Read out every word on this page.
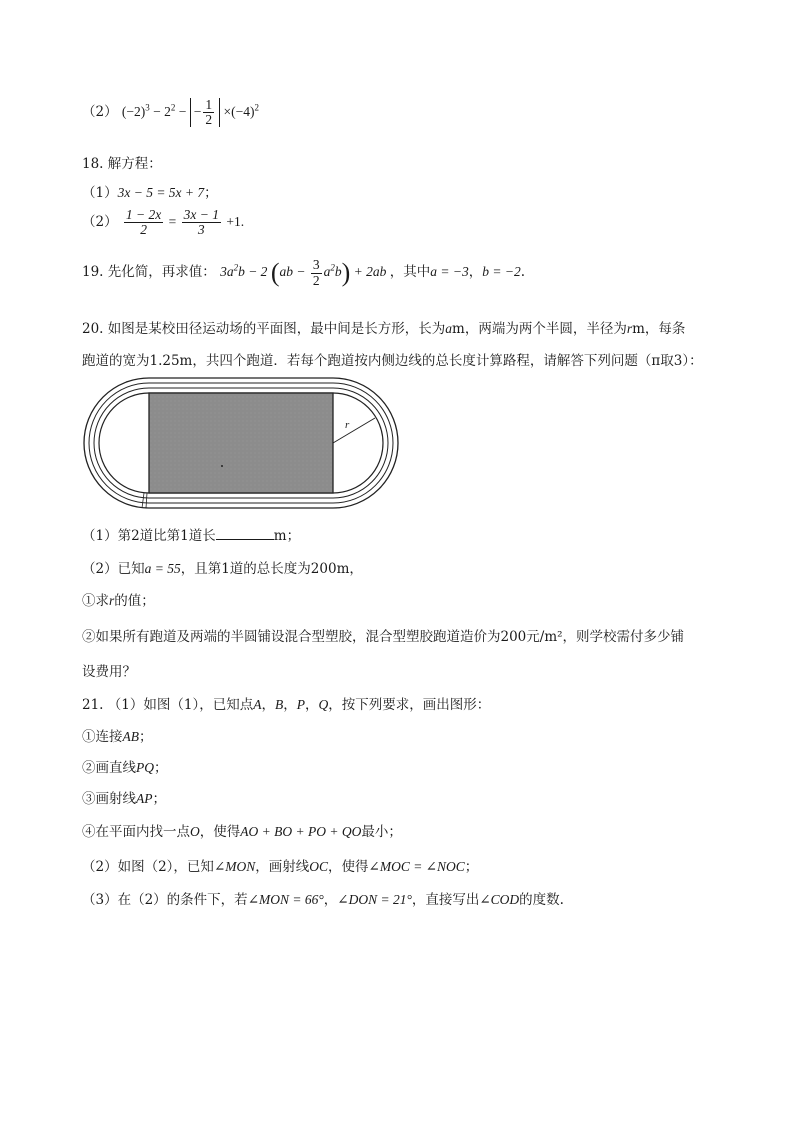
（2） $(-2)^3 - 2^2$ − − $\frac{1}{2} \times(-4)^2$
18. 解方程：
（1）3x − 5 = 5x + 7；
$(2) \frac{1 - 2x}{2} = \frac{3x - 1}{3} +1$.
19. 先化简，再求值： $3a^2b - 2$ $(ab - \frac{3}{2} a^2b) + 2ab$ ，其中a = −3，b = −2.
20. 如图是某校田径运动场的平面图，最中间是长方形，长为am，两端为两个半圆，半径为rm，每条
跑道的宽为1.25m，共四个跑道．若每个跑道按内侧边线的总长度计算路程，请解答下列问题（π取3）：
r
（1）第2道比第1道长	m；
（2）已知a = 55，且第1道的总长度为200m，
①求r的值；
②如果所有跑道及两端的半圆铺设混合型塑胶，混合型塑胶跑道造价为200元/m²，则学校需付多少铺
设费用？
21. （1）如图（1），已知点A，B，P，Q，按下列要求，画出图形：
①连接AB；
②画直线PQ；
③画射线AP；
④在平面内找一点O，使得AO + BO + PO + QO最小；
（2）如图（2），已知∠MON，画射线OC，使得∠MOC = ∠NOC；
（3）在（2）的条件下，若∠MON = 66°，∠DON = 21°，直接写出∠COD的度数.
